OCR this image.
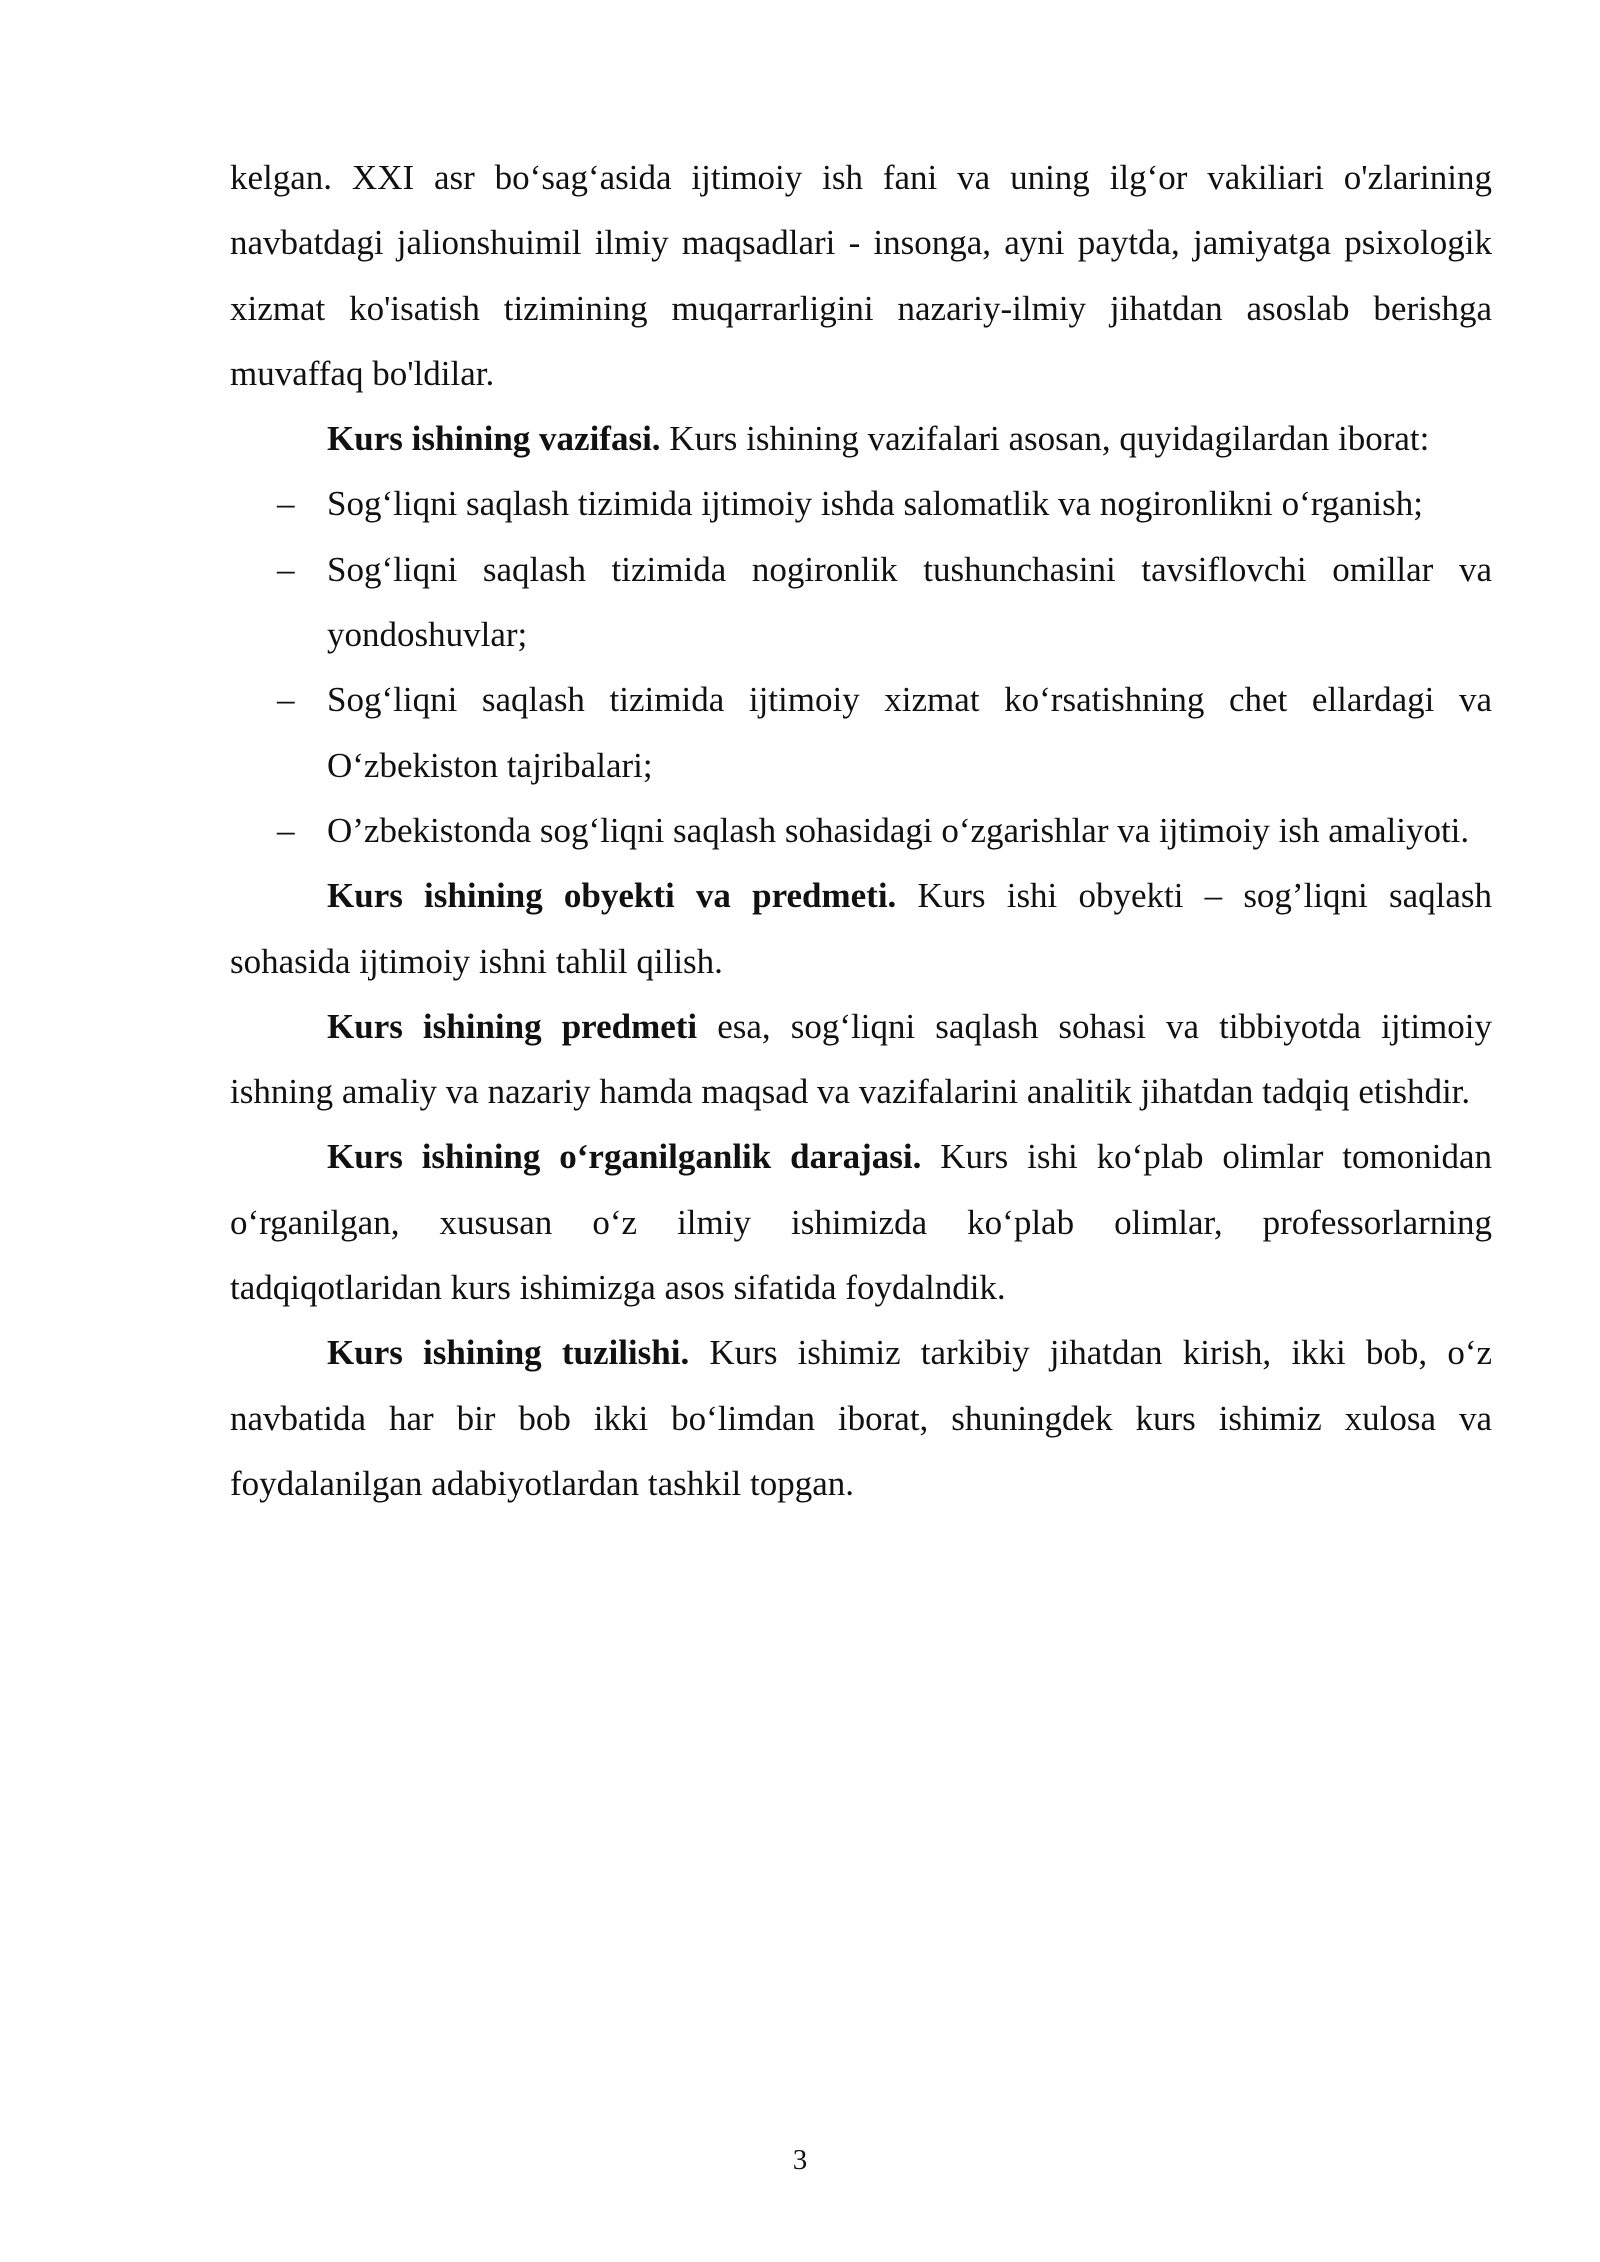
kelgan. XXI asr bo‘sag‘asida ijtimoiy ish fani va uning ilg‘or vakiliari o'zlarining navbatdagi jalionshuimil ilmiy maqsadlari - insonga, ayni paytda, jamiyatga psixologik xizmat ko'isatish tizimining muqarrarligini nazariy-ilmiy jihatdan asoslab berishga muvaffaq bo'ldilar.

Kurs ishining vazifasi. Kurs ishining vazifalari asosan, quyidagilardan iborat:

– Sog‘liqni saqlash tizimida ijtimoiy ishda salomatlik va nogironlikni o‘rganish;
– Sog‘liqni saqlash tizimida nogironlik tushunchasini tavsiflovchi omillar va yondoshuvlar;
– Sog‘liqni saqlash tizimida ijtimoiy xizmat ko‘rsatishning chet ellardagi va O‘zbekiston tajribalari;
– O’zbekistonda sog‘liqni saqlash sohasidagi o‘zgarishlar va ijtimoiy ish amaliyoti.

Kurs ishining obyekti va predmeti. Kurs ishi obyekti – sog’liqni saqlash sohasida ijtimoiy ishni tahlil qilish.

Kurs ishining predmeti esa, sog‘liqni saqlash sohasi va tibbiyotda ijtimoiy ishning amaliy va nazariy hamda maqsad va vazifalarini analitik jihatdan tadqiq etishdir.

Kurs ishining o‘rganilganlik darajasi. Kurs ishi ko‘plab olimlar tomonidan o‘rganilgan, xususan o‘z ilmiy ishimizda ko‘plab olimlar, professorlarning tadqiqotlaridan kurs ishimizga asos sifatida foydalndik.

Kurs ishining tuzilishi. Kurs ishimiz tarkibiy jihatdan kirish, ikki bob, o‘z navbatida har bir bob ikki bo‘limdan iborat, shuningdek kurs ishimiz xulosa va foydalanilgan adabiyotlardan tashkil topgan.

3
